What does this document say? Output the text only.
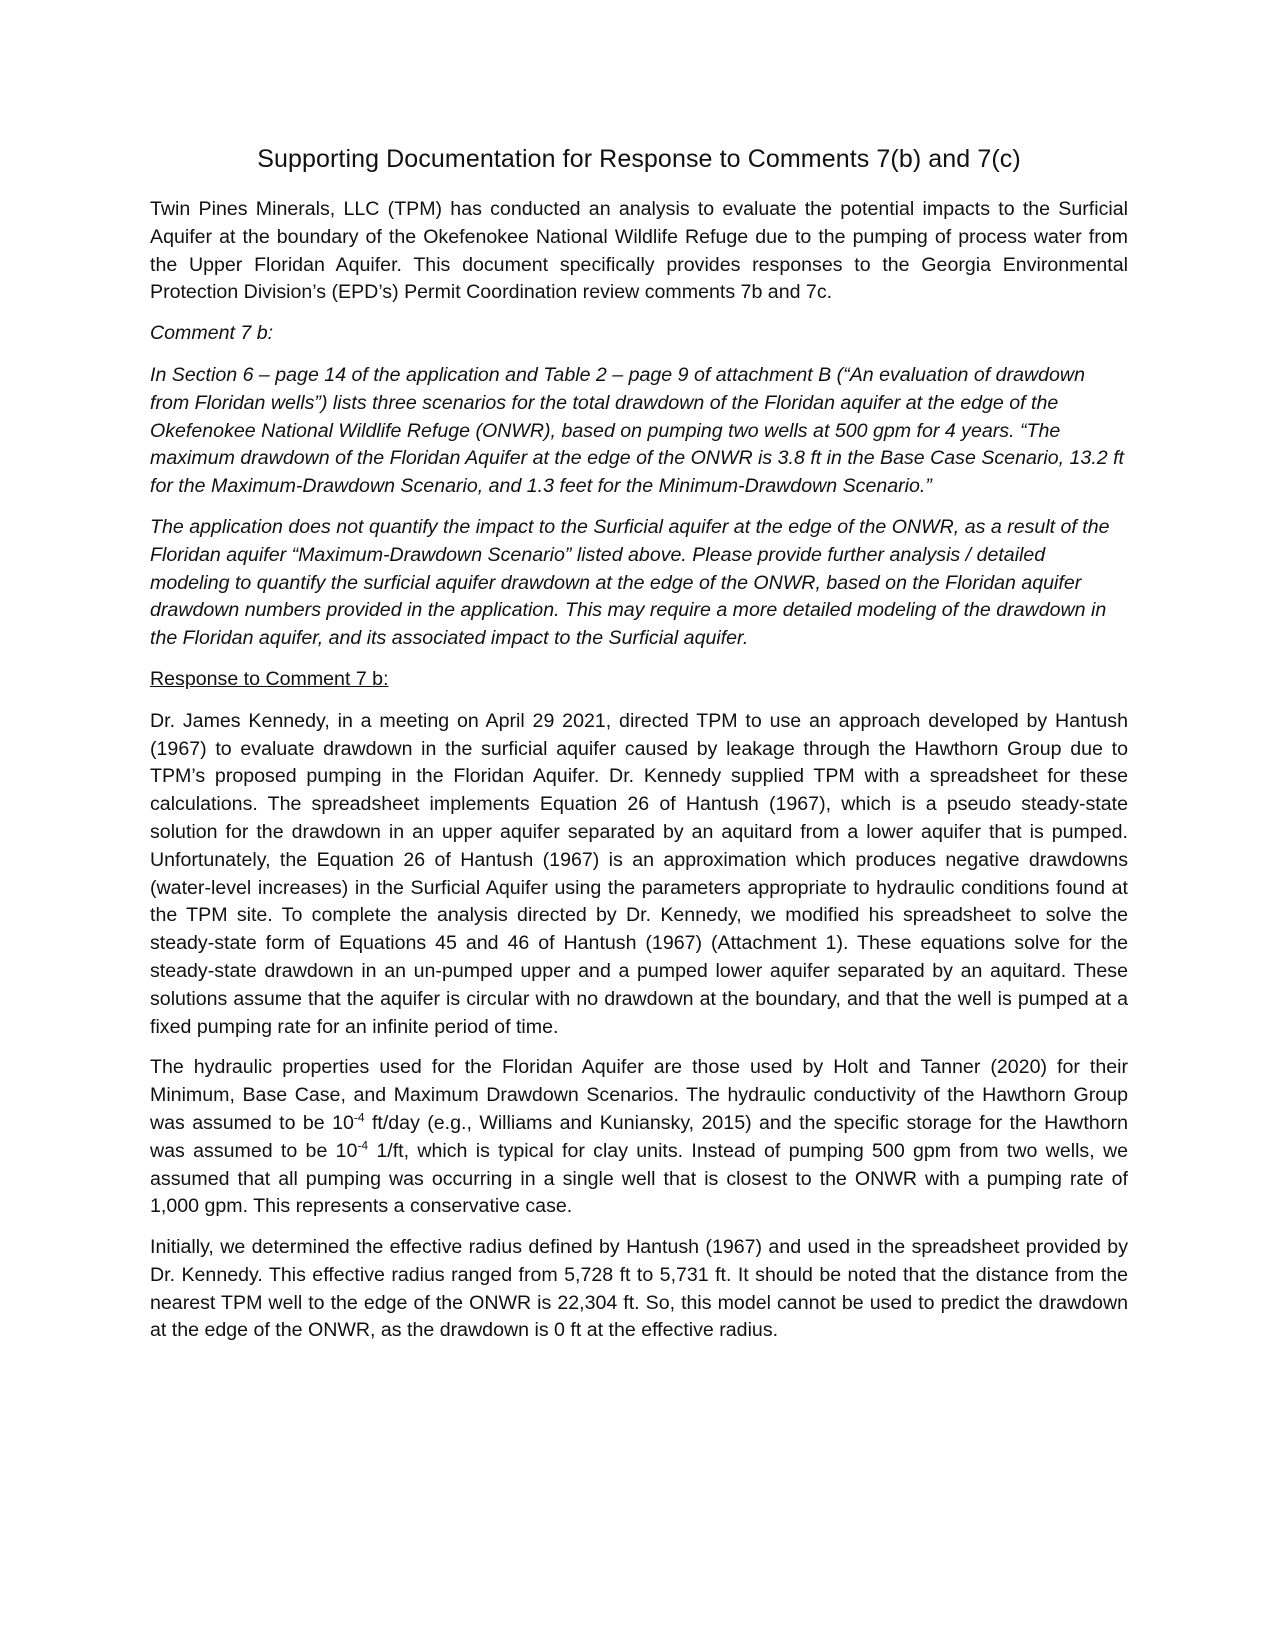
Supporting Documentation for Response to Comments 7(b) and 7(c)

Twin Pines Minerals, LLC (TPM) has conducted an analysis to evaluate the potential impacts to the Surficial Aquifer at the boundary of the Okefenokee National Wildlife Refuge due to the pumping of process water from the Upper Floridan Aquifer. This document specifically provides responses to the Georgia Environmental Protection Division’s (EPD’s) Permit Coordination review comments 7b and 7c.

Comment 7 b:

In Section 6 – page 14 of the application and Table 2 – page 9 of attachment B (“An evaluation of drawdown from Floridan wells”) lists three scenarios for the total drawdown of the Floridan aquifer at the edge of the Okefenokee National Wildlife Refuge (ONWR), based on pumping two wells at 500 gpm for 4 years. “The maximum drawdown of the Floridan Aquifer at the edge of the ONWR is 3.8 ft in the Base Case Scenario, 13.2 ft for the Maximum-Drawdown Scenario, and 1.3 feet for the Minimum-Drawdown Scenario.”

The application does not quantify the impact to the Surficial aquifer at the edge of the ONWR, as a result of the Floridan aquifer “Maximum-Drawdown Scenario” listed above. Please provide further analysis / detailed modeling to quantify the surficial aquifer drawdown at the edge of the ONWR, based on the Floridan aquifer drawdown numbers provided in the application. This may require a more detailed modeling of the drawdown in the Floridan aquifer, and its associated impact to the Surficial aquifer.

Response to Comment 7 b:

Dr. James Kennedy, in a meeting on April 29 2021, directed TPM to use an approach developed by Hantush (1967) to evaluate drawdown in the surficial aquifer caused by leakage through the Hawthorn Group due to TPM’s proposed pumping in the Floridan Aquifer. Dr. Kennedy supplied TPM with a spreadsheet for these calculations. The spreadsheet implements Equation 26 of Hantush (1967), which is a pseudo steady-state solution for the drawdown in an upper aquifer separated by an aquitard from a lower aquifer that is pumped. Unfortunately, the Equation 26 of Hantush (1967) is an approximation which produces negative drawdowns (water-level increases) in the Surficial Aquifer using the parameters appropriate to hydraulic conditions found at the TPM site. To complete the analysis directed by Dr. Kennedy, we modified his spreadsheet to solve the steady-state form of Equations 45 and 46 of Hantush (1967) (Attachment 1). These equations solve for the steady-state drawdown in an un-pumped upper and a pumped lower aquifer separated by an aquitard. These solutions assume that the aquifer is circular with no drawdown at the boundary, and that the well is pumped at a fixed pumping rate for an infinite period of time.

The hydraulic properties used for the Floridan Aquifer are those used by Holt and Tanner (2020) for their Minimum, Base Case, and Maximum Drawdown Scenarios. The hydraulic conductivity of the Hawthorn Group was assumed to be $10^{-4}$ ft/day (e.g., Williams and Kuniansky, 2015) and the specific storage for the Hawthorn was assumed to be $10^{-4}$ 1/ft, which is typical for clay units. Instead of pumping 500 gpm from two wells, we assumed that all pumping was occurring in a single well that is closest to the ONWR with a pumping rate of 1,000 gpm. This represents a conservative case.

Initially, we determined the effective radius defined by Hantush (1967) and used in the spreadsheet provided by Dr. Kennedy. This effective radius ranged from 5,728 ft to 5,731 ft. It should be noted that the distance from the nearest TPM well to the edge of the ONWR is 22,304 ft. So, this model cannot be used to predict the drawdown at the edge of the ONWR, as the drawdown is 0 ft at the effective radius.
